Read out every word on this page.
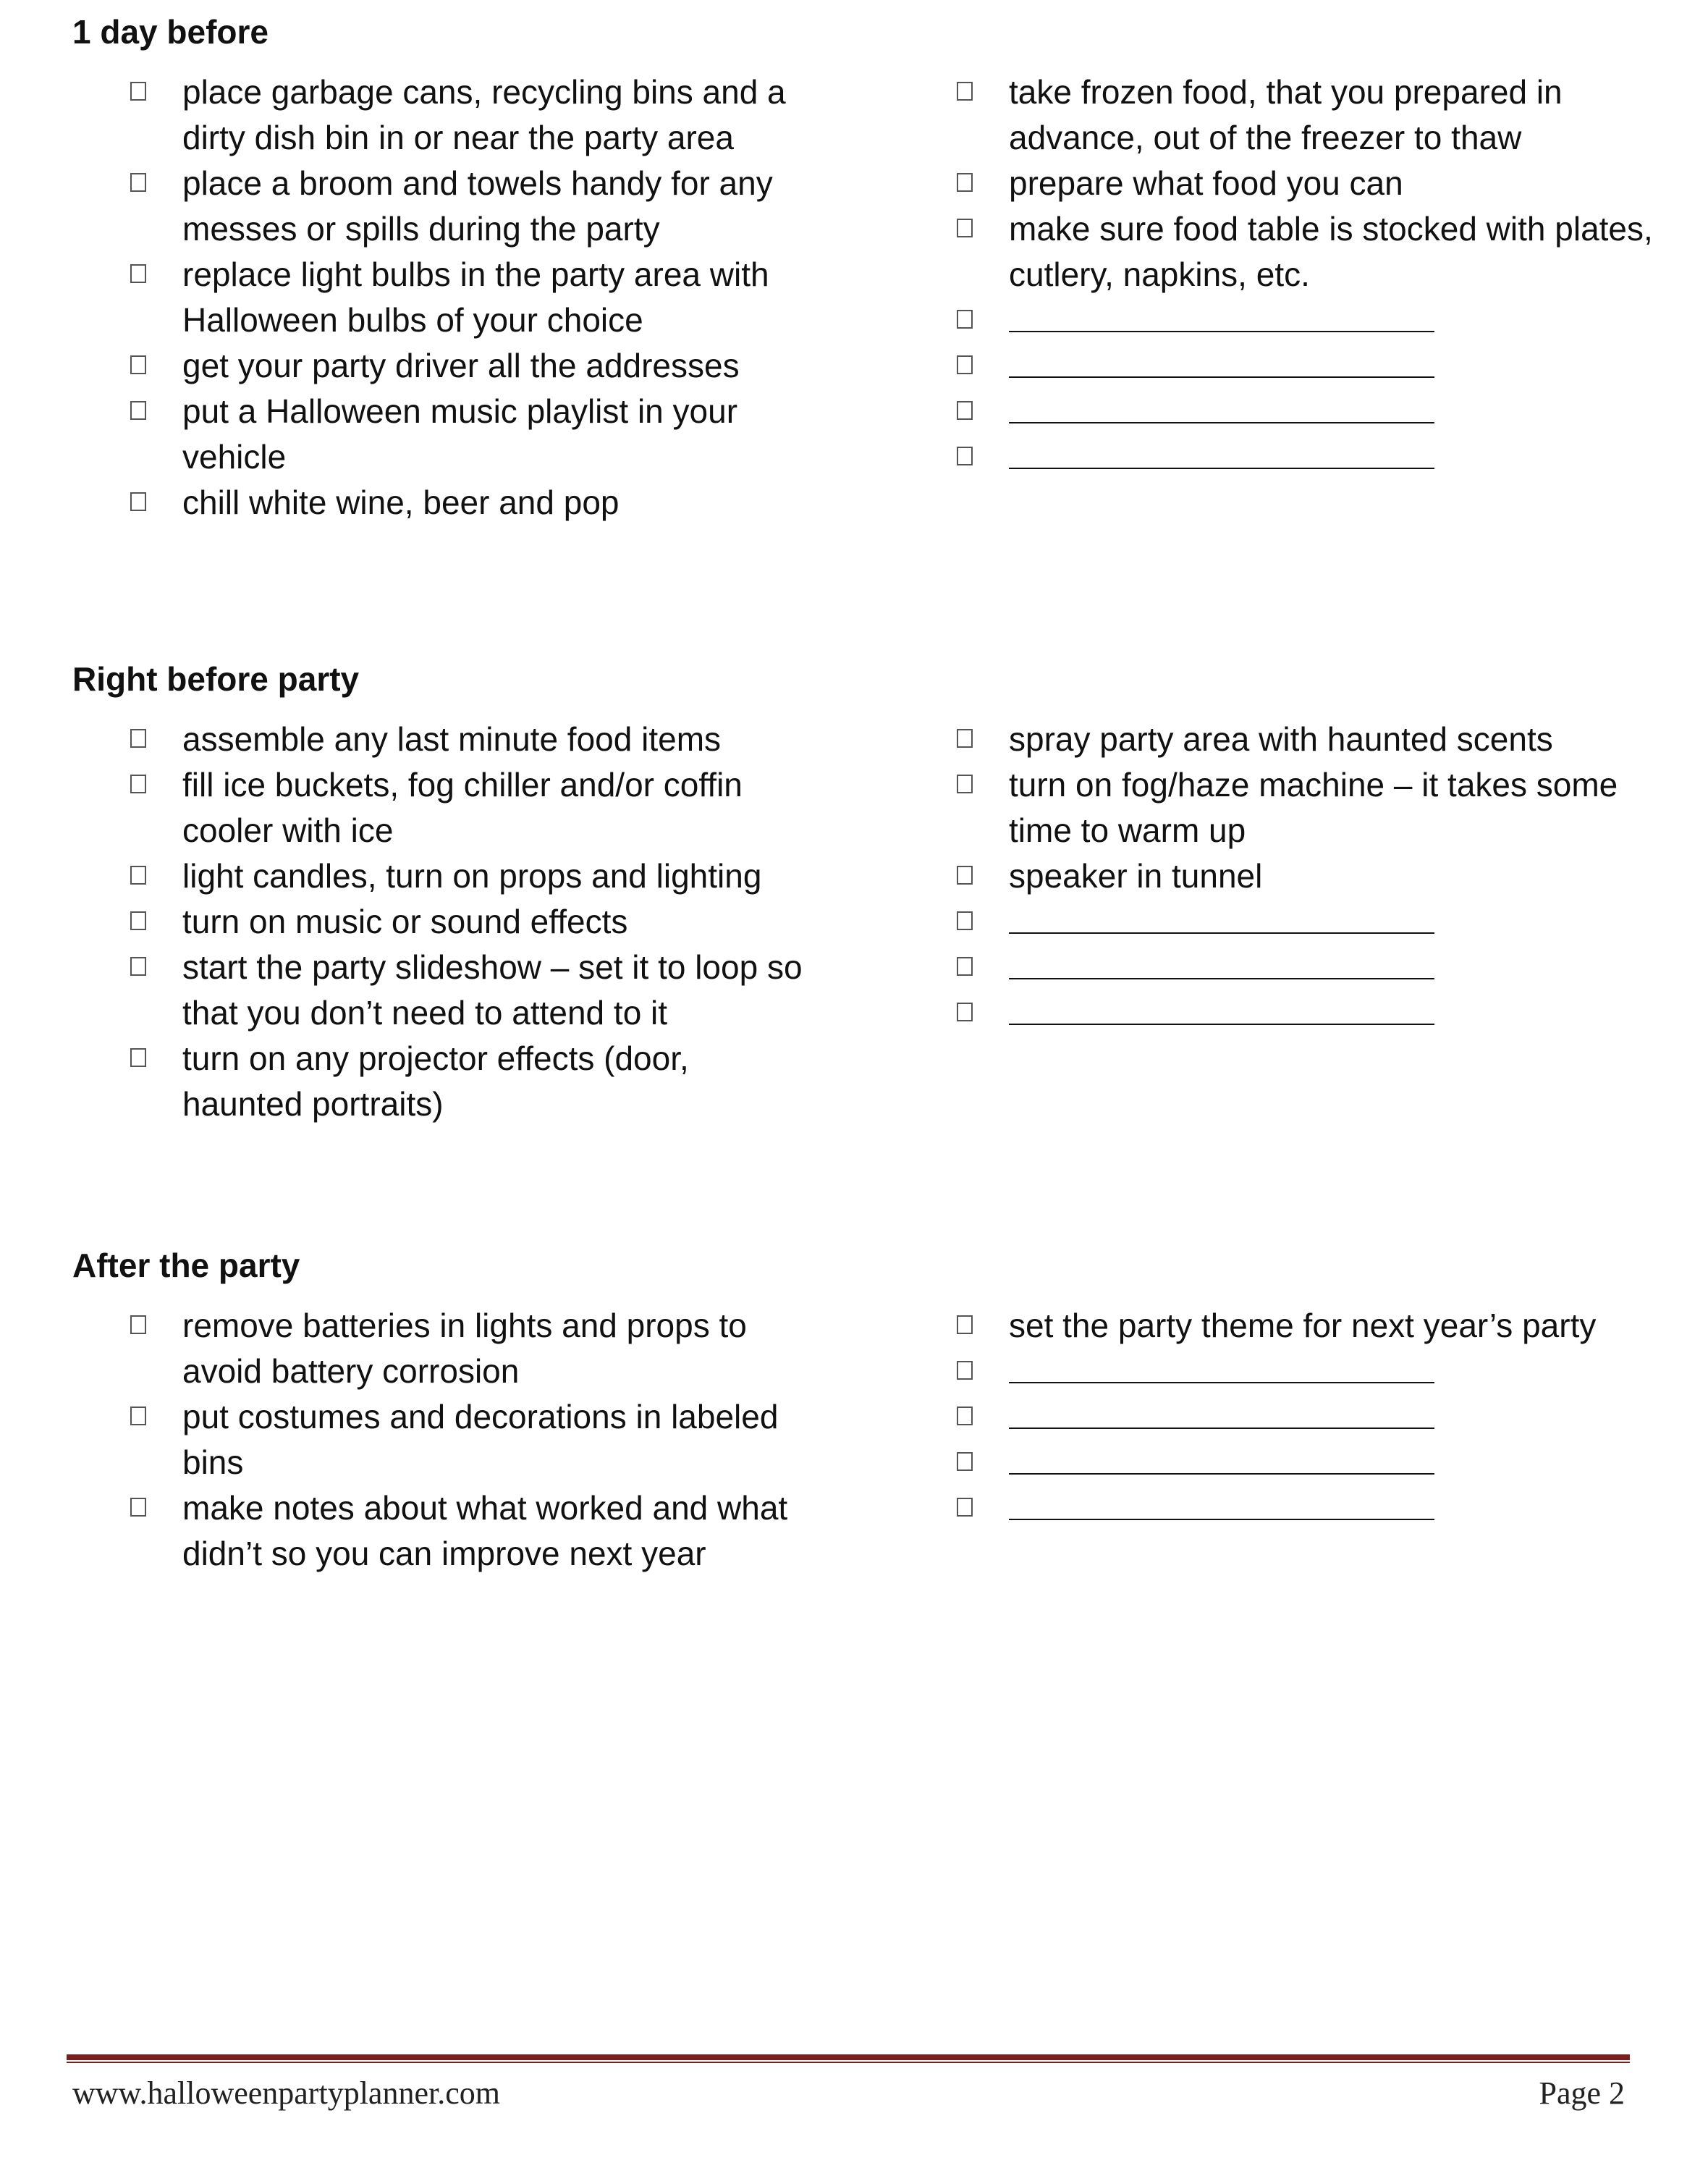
1 day before
place garbage cans, recycling bins and a dirty dish bin in or near the party area
place a broom and towels handy for any messes or spills during the party
replace light bulbs in the party area with Halloween bulbs of your choice
get your party driver all the addresses
put a Halloween music playlist in your vehicle
chill white wine, beer and pop
take frozen food, that you prepared in advance, out of the freezer to thaw
prepare what food you can
make sure food table is stocked with plates, cutlery, napkins, etc.
Right before party
assemble any last minute food items
fill ice buckets, fog chiller and/or coffin cooler with ice
light candles, turn on props and lighting
turn on music or sound effects
start the party slideshow – set it to loop so that you don’t need to attend to it
turn on any projector effects (door, haunted portraits)
spray party area with haunted scents
turn on fog/haze machine – it takes some time to warm up
speaker in tunnel
After the party
remove batteries in lights and props to avoid battery corrosion
put costumes and decorations in labeled bins
make notes about what worked and what didn’t so you can improve next year
set the party theme for next year’s party
www.halloweenpartyplanner.com	Page 2
